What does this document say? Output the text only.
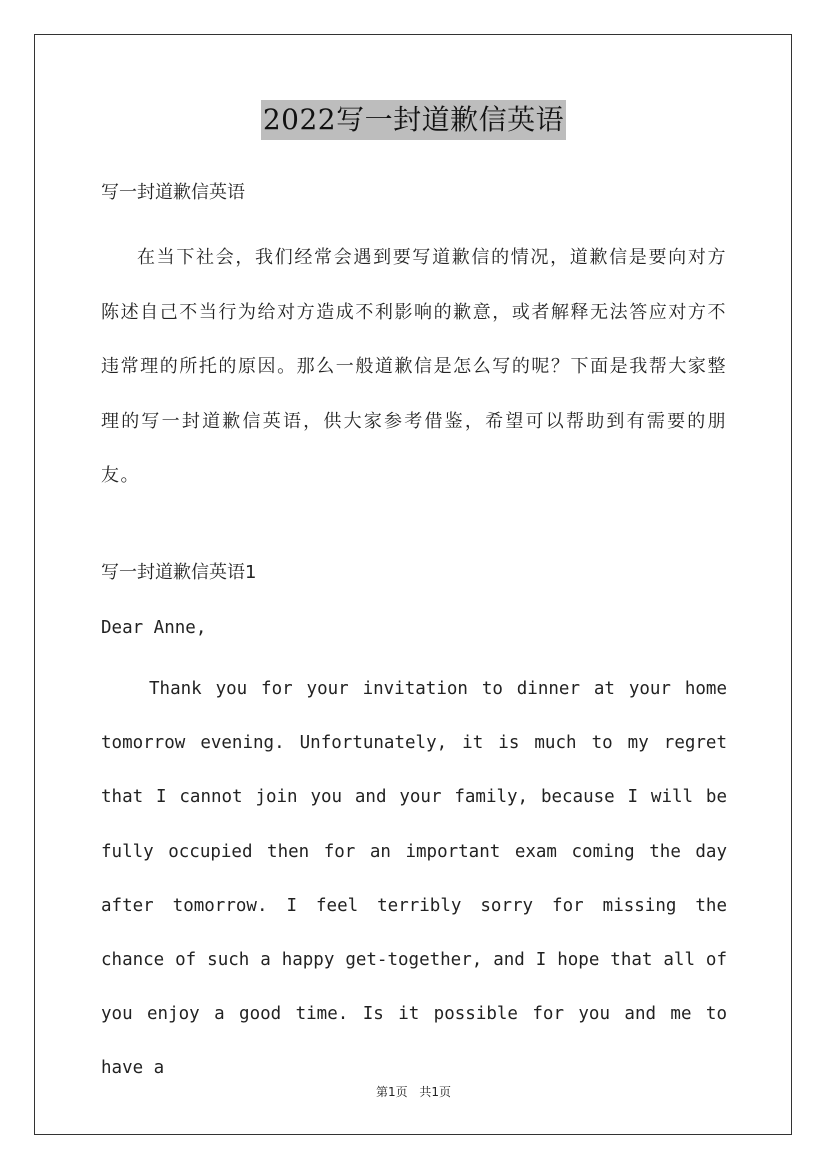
2022写一封道歉信英语
写一封道歉信英语
在当下社会，我们经常会遇到要写道歉信的情况，道歉信是要向对方陈述自己不当行为给对方造成不利影响的歉意，或者解释无法答应对方不违常理的所托的原因。那么一般道歉信是怎么写的呢？下面是我帮大家整理的写一封道歉信英语，供大家参考借鉴，希望可以帮助到有需要的朋友。
写一封道歉信英语1
Dear Anne,
Thank you for your invitation to dinner at your home tomorrow evening. Unfortunately, it is much to my regret that I cannot join you and your family, because I will be fully occupied then for an important exam coming the day after tomorrow. I feel terribly sorry for missing the chance of such a happy get-together, and I hope that all of you enjoy a good time. Is it possible for you and me to have a
第1页 共1页
